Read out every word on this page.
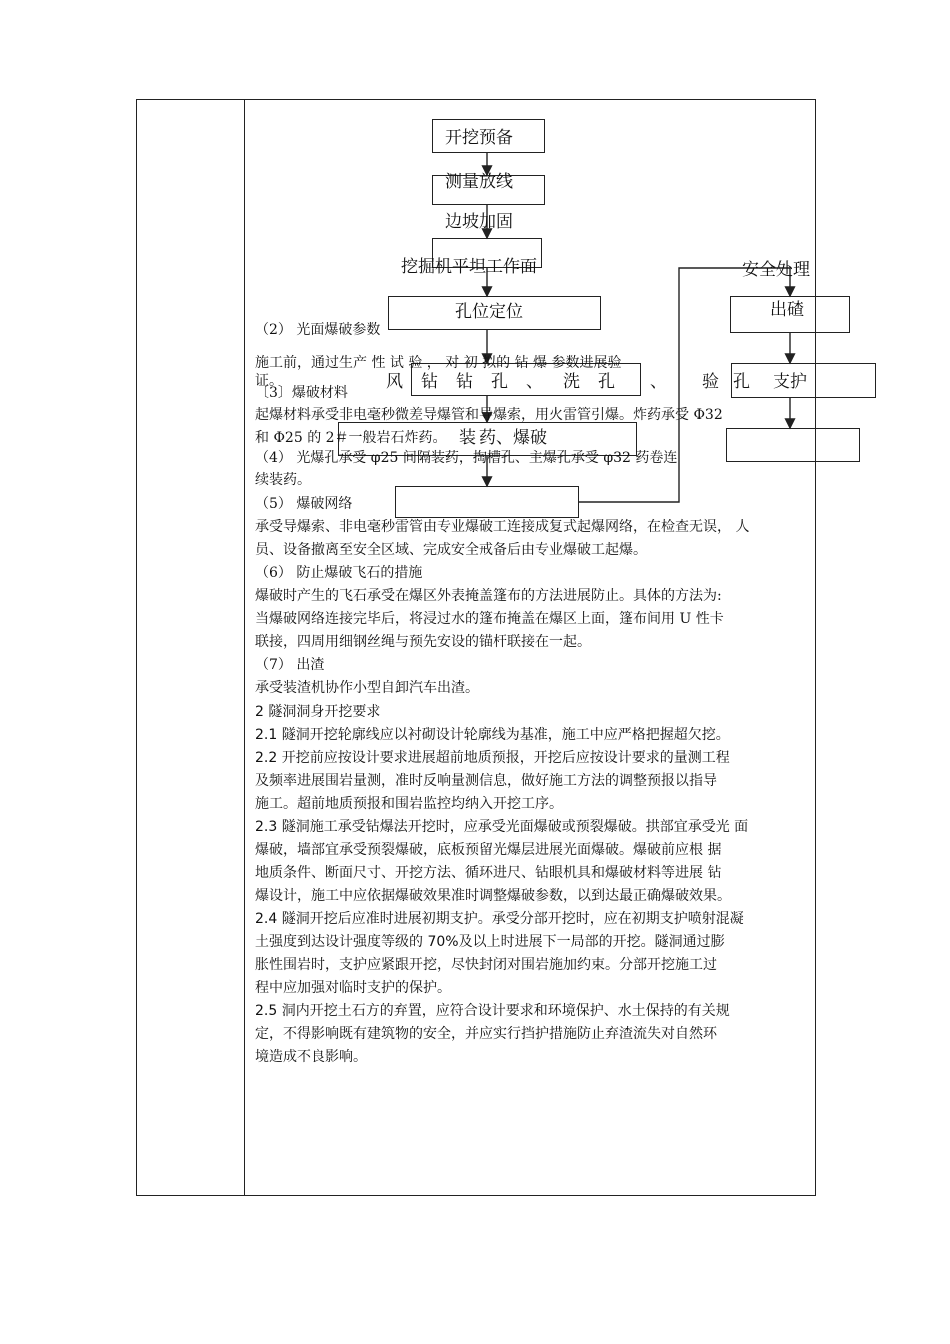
开挖预备
测量放线
边坡加固
挖掘机平坦工作面
孔位定位
风 钻 钻 孔 、 洗 孔 、 验 孔
装 药、爆破
安全处理
出碴
支护
（2） 光面爆破参数
施工前，通过生产 性 试 验 ， 对 初 拟的 钻 爆 参数进展验
证。
〔3〕爆破材料
起爆材料承受非电毫秒微差导爆管和导爆索，用火雷管引爆。炸药承受 Φ32
和 Φ25 的 2＃一般岩石炸药。
（4） 光爆孔承受 φ25 间隔装药，掏槽孔、主爆孔承受 φ32 药卷连
续装药。
（5） 爆破网络
承受导爆索、非电毫秒雷管由专业爆破工连接成复式起爆网络，在检查无误， 人
员、设备撤离至安全区域、完成安全戒备后由专业爆破工起爆。
（6） 防止爆破飞石的措施
爆破时产生的飞石承受在爆区外表掩盖篷布的方法进展防止。具体的方法为:
当爆破网络连接完毕后，将浸过水的篷布掩盖在爆区上面，篷布间用 U 性卡
联接，四周用细钢丝绳与预先安设的锚杆联接在一起。
（7） 出渣
承受装渣机协作小型自卸汽车出渣。
2 隧洞洞身开挖要求
2.1 隧洞开挖轮廓线应以衬砌设计轮廓线为基准，施工中应严格把握超欠挖。
2.2 开挖前应按设计要求进展超前地质预报，开挖后应按设计要求的量测工程
及频率进展围岩量测，准时反响量测信息，做好施工方法的调整预报以指导
施工。超前地质预报和围岩监控均纳入开挖工序。
2.3 隧洞施工承受钻爆法开挖时，应承受光面爆破或预裂爆破。拱部宜承受光 面
爆破，墙部宜承受预裂爆破，底板预留光爆层进展光面爆破。爆破前应根 据
地质条件、断面尺寸、开挖方法、循环进尺、钻眼机具和爆破材料等进展 钻
爆设计，施工中应依据爆破效果准时调整爆破参数，以到达最正确爆破效果。
2.4 隧洞开挖后应准时进展初期支护。承受分部开挖时，应在初期支护喷射混凝
土强度到达设计强度等级的 70%及以上时进展下一局部的开挖。隧洞通过膨
胀性围岩时，支护应紧跟开挖，尽快封闭对围岩施加约束。分部开挖施工过
程中应加强对临时支护的保护。
2.5 洞内开挖土石方的弃置，应符合设计要求和环境保护、水土保持的有关规
定，不得影响既有建筑物的安全，并应实行挡护措施防止弃渣流失对自然环
境造成不良影响。
